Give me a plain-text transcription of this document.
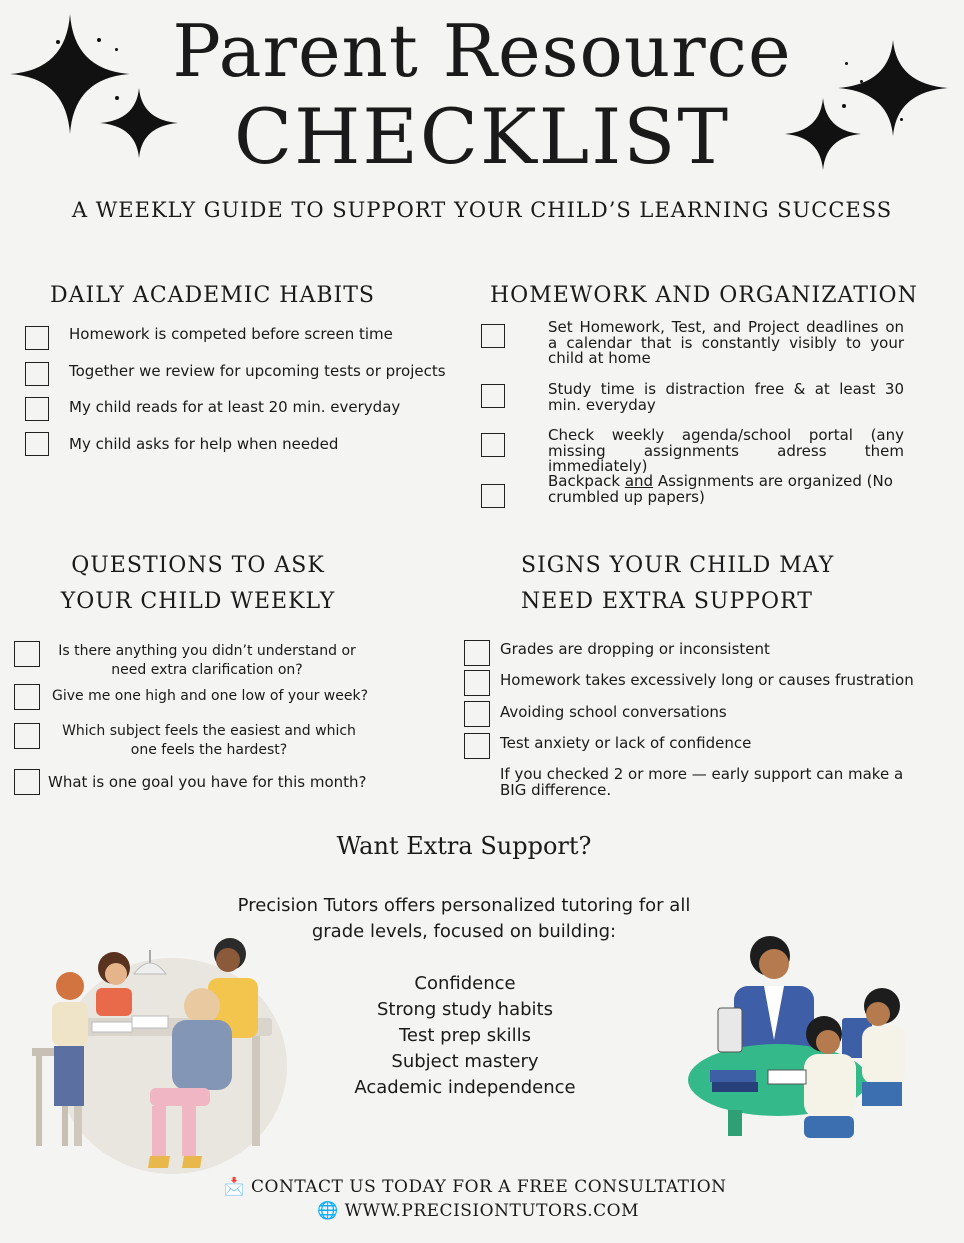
Parent Resource
CHECKLIST
A WEEKLY GUIDE TO SUPPORT YOUR CHILD’S LEARNING SUCCESS
DAILY ACADEMIC HABITS
Homework is competed before screen time
Together we review for upcoming tests or projects
My child reads for at least 20 min. everyday
My child asks for help when needed
HOMEWORK AND ORGANIZATION
Set Homework, Test, and Project deadlines on a calendar that is constantly visibly to your child at home
Study time is distraction free & at least 30 min. everyday
Check weekly agenda/school portal (any missing assignments adress them immediately)
Backpack and Assignments are organized (No
crumbled up papers)
QUESTIONS TO ASK
YOUR CHILD WEEKLY
Is there anything you didn’t understand or need extra clarification on?
Give me one high and one low of your week?
Which subject feels the easiest and which one feels the hardest?
What is one goal you have for this month?
SIGNS YOUR CHILD MAY
NEED EXTRA SUPPORT
Grades are dropping or inconsistent
Homework takes excessively long or causes frustration
Avoiding school conversations
Test anxiety or lack of confidence
If you checked 2 or more — early support can make a BIG difference.
Want Extra Support?
Precision Tutors offers personalized tutoring for all grade levels, focused on building:
Confidence
Strong study habits
Test prep skills
Subject mastery
Academic independence
📩 CONTACT US TODAY FOR A FREE CONSULTATION
🌐 WWW.PRECISIONTUTORS.COM
